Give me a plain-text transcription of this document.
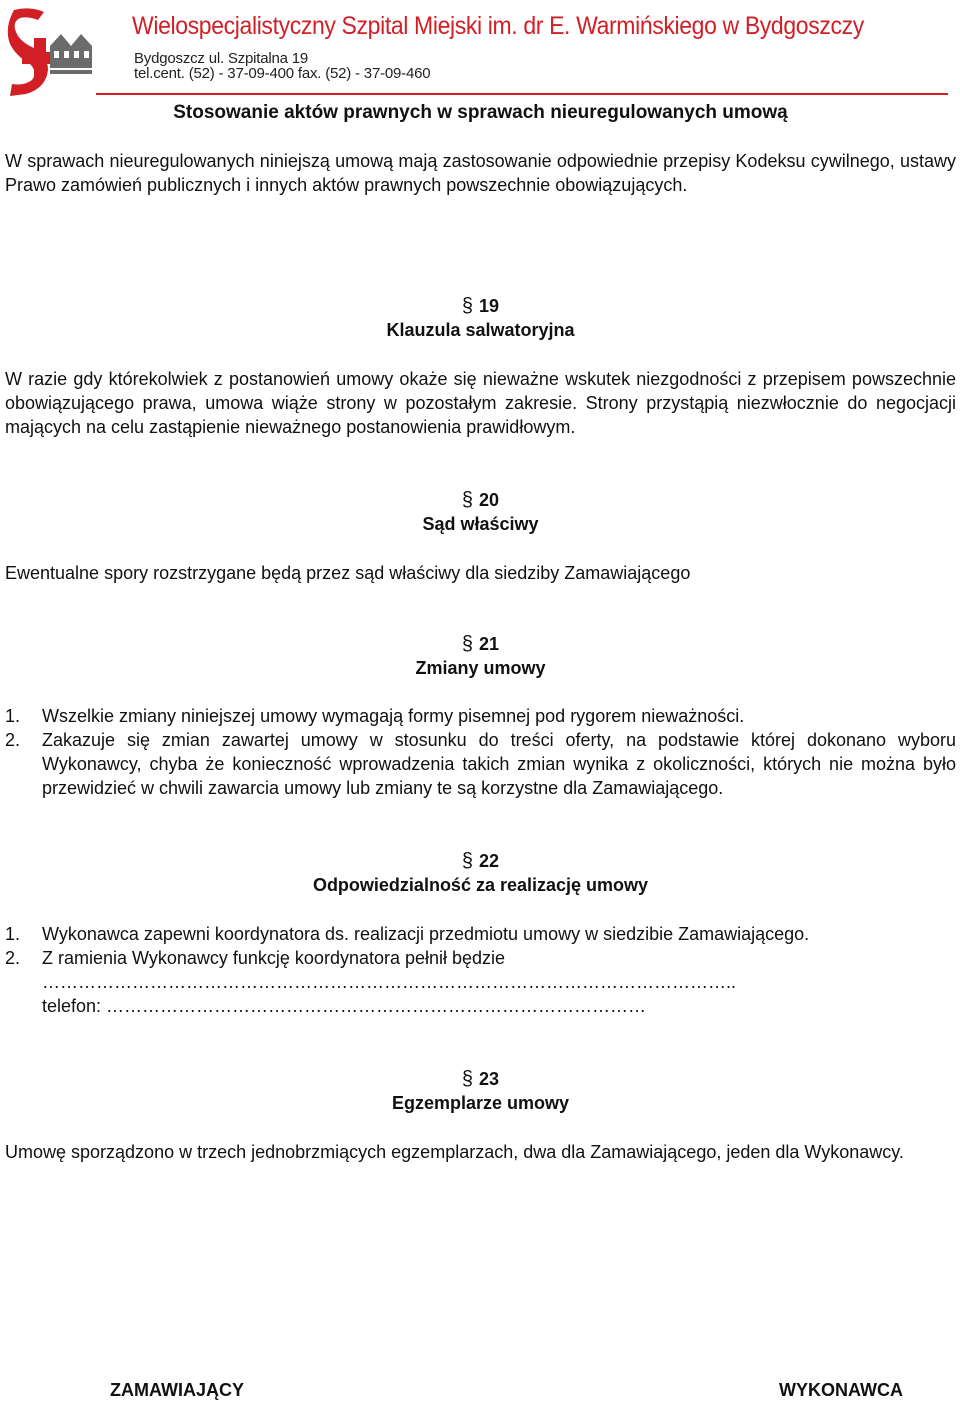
Wielospecjalistyczny Szpital Miejski im. dr E. Warmińskiego w Bydgoszczy
Bydgoszcz ul. Szpitalna 19
tel.cent. (52) - 37-09-400 fax. (52) - 37-09-460
Stosowanie aktów prawnych w sprawach nieuregulowanych umową

W sprawach nieuregulowanych niniejszą umową mają zastosowanie odpowiednie przepisy Kodeksu cywilnego, ustawy Prawo zamówień publicznych i innych aktów prawnych powszechnie obowiązujących.

§ 19

Klauzula salwatoryjna

W razie gdy którekolwiek z postanowień umowy okaże się nieważne wskutek niezgodności z przepisem powszechnie obowiązującego prawa, umowa wiąże strony w pozostałym zakresie. Strony przystąpią niezwłocznie do negocjacji mających na celu zastąpienie nieważnego postanowienia prawidłowym.

§ 20

Sąd właściwy

Ewentualne spory rozstrzygane będą przez sąd właściwy dla siedziby Zamawiającego

§ 21

Zmiany umowy

1. Wszelkie zmiany niniejszej umowy wymagają formy pisemnej pod rygorem nieważności.
2. Zakazuje się zmian zawartej umowy w stosunku do treści oferty, na podstawie której dokonano wyboru Wykonawcy, chyba że konieczność wprowadzenia takich zmian wynika z okoliczności, których nie można było przewidzieć w chwili zawarcia umowy lub zmiany te są korzystne dla Zamawiającego.

§ 22

Odpowiedzialność za realizację umowy

1. Wykonawca zapewni koordynatora ds. realizacji przedmiotu umowy w siedzibie Zamawiającego.
2. Z ramienia Wykonawcy funkcję koordynatora pełnił będzie
……………………………………………………………………………………………………..
telefon: ………………………………………………………………………………

§ 23

Egzemplarze umowy

Umowę sporządzono w trzech jednobrzmiących egzemplarzach, dwa dla Zamawiającego, jeden dla Wykonawcy.

ZAMAWIAJĄCY	WYKONAWCA
